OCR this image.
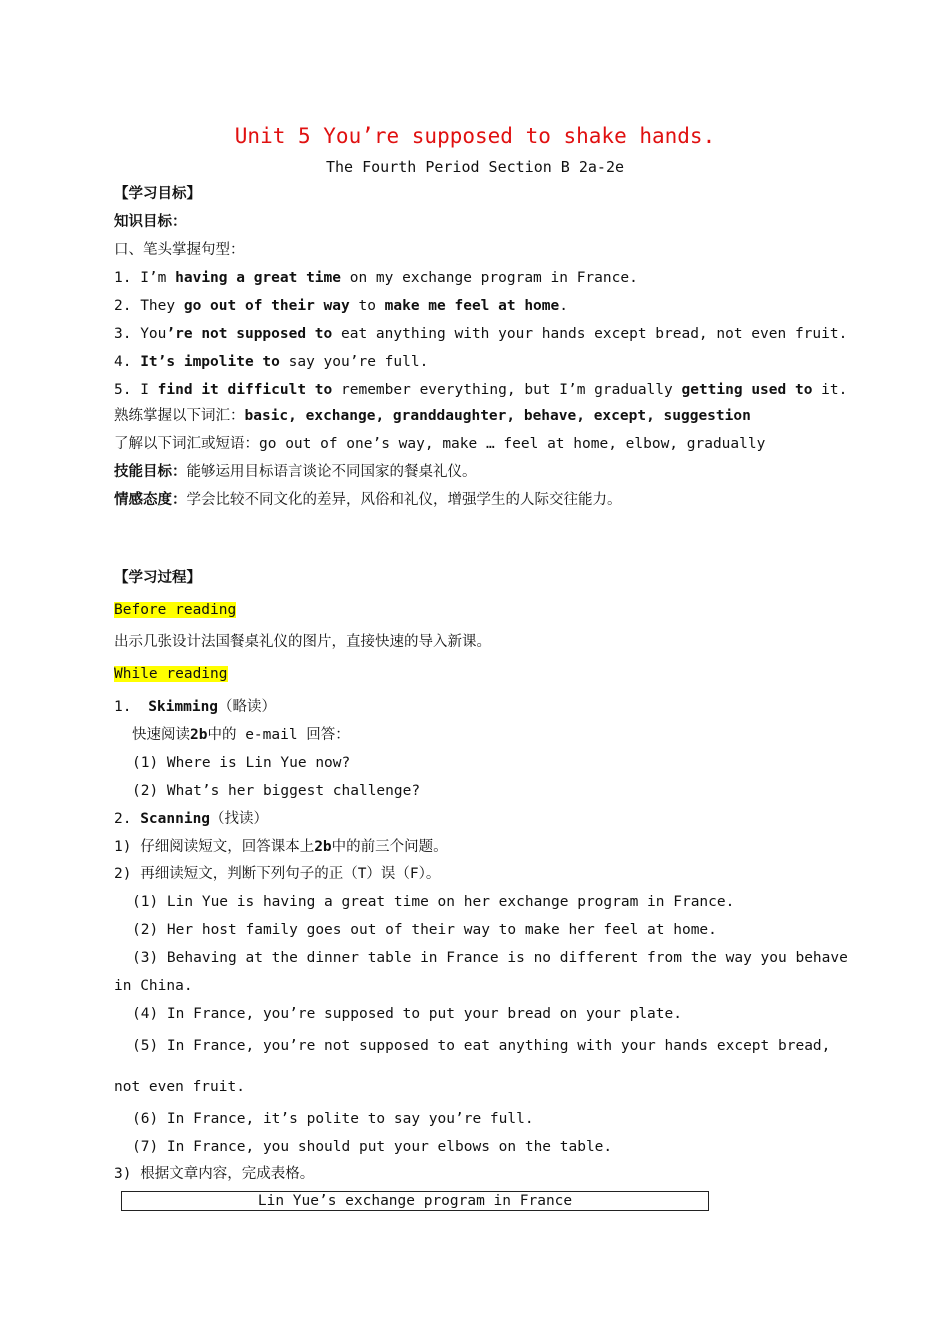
Unit 5 You’re supposed to shake hands.
The Fourth Period Section B 2a-2e
【学习目标】
知识目标：
口、笔头掌握句型：
1. I’m having a great time on my exchange program in France.
2. They go out of their way to make me feel at home.
3. You’re not supposed to eat anything with your hands except bread, not even fruit.
4. It’s impolite to say you’re full.
5. I find it difficult to remember everything, but I’m gradually getting used to it.
熟练掌握以下词汇：basic, exchange, granddaughter, behave, except, suggestion
了解以下词汇或短语：go out of one’s way, make … feel at home, elbow, gradually
技能目标：能够运用目标语言谈论不同国家的餐桌礼仪。
情感态度：学会比较不同文化的差异，风俗和礼仪，增强学生的人际交往能力。
【学习过程】
Before reading
出示几张设计法国餐桌礼仪的图片，直接快速的导入新课。
While reading
1. Skimming（略读）
快速阅读2b中的 e-mail 回答：
(1) Where is Lin Yue now?
(2) What’s her biggest challenge?
2. Scanning（找读）
1) 仔细阅读短文，回答课本上2b中的前三个问题。
2) 再细读短文，判断下列句子的正（T）误（F）。
(1) Lin Yue is having a great time on her exchange program in France.
(2) Her host family goes out of their way to make her feel at home.
(3) Behaving at the dinner table in France is no different from the way you behave
in China.
(4) In France, you’re supposed to put your bread on your plate.
(5) In France, you’re not supposed to eat anything with your hands except bread,
not even fruit.
(6) In France, it’s polite to say you’re full.
(7) In France, you should put your elbows on the table.
3) 根据文章内容，完成表格。
Lin Yue’s exchange program in France
